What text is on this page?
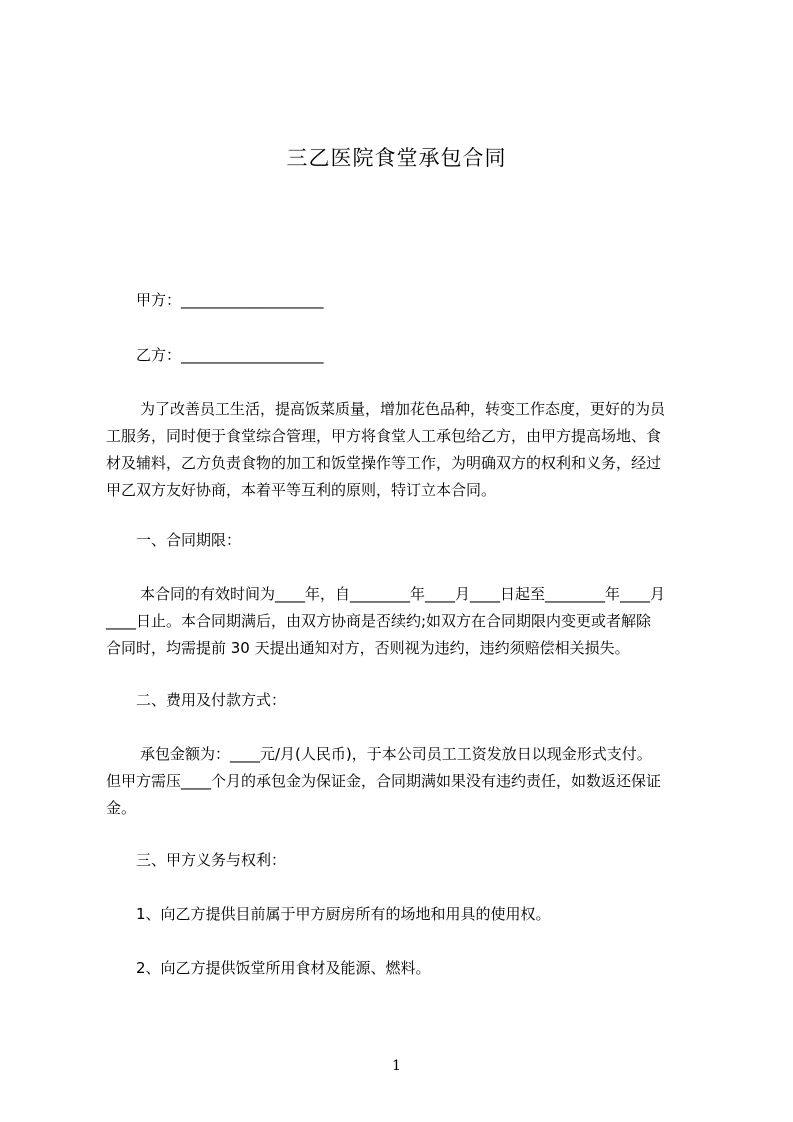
三乙医院食堂承包合同
甲方：___________________
乙方：___________________
为了改善员工生活，提高饭菜质量，增加花色品种，转变工作态度，更好的为员
工服务，同时便于食堂综合管理，甲方将食堂人工承包给乙方，由甲方提高场地、食
材及辅料，乙方负责食物的加工和饭堂操作等工作，为明确双方的权利和义务，经过
甲乙双方友好协商，本着平等互利的原则，特订立本合同。
一、合同期限：
本合同的有效时间为____年，自________年____月____日起至________年____月
____日止。本合同期满后，由双方协商是否续约;如双方在合同期限内变更或者解除
合同时，均需提前 30 天提出通知对方，否则视为违约，违约须赔偿相关损失。
二、费用及付款方式：
承包金额为：____元/月(人民币)，于本公司员工工资发放日以现金形式支付。
但甲方需压____个月的承包金为保证金，合同期满如果没有违约责任，如数返还保证
金。
三、甲方义务与权利：
1、向乙方提供目前属于甲方厨房所有的场地和用具的使用权。
2、向乙方提供饭堂所用食材及能源、燃料。
1
